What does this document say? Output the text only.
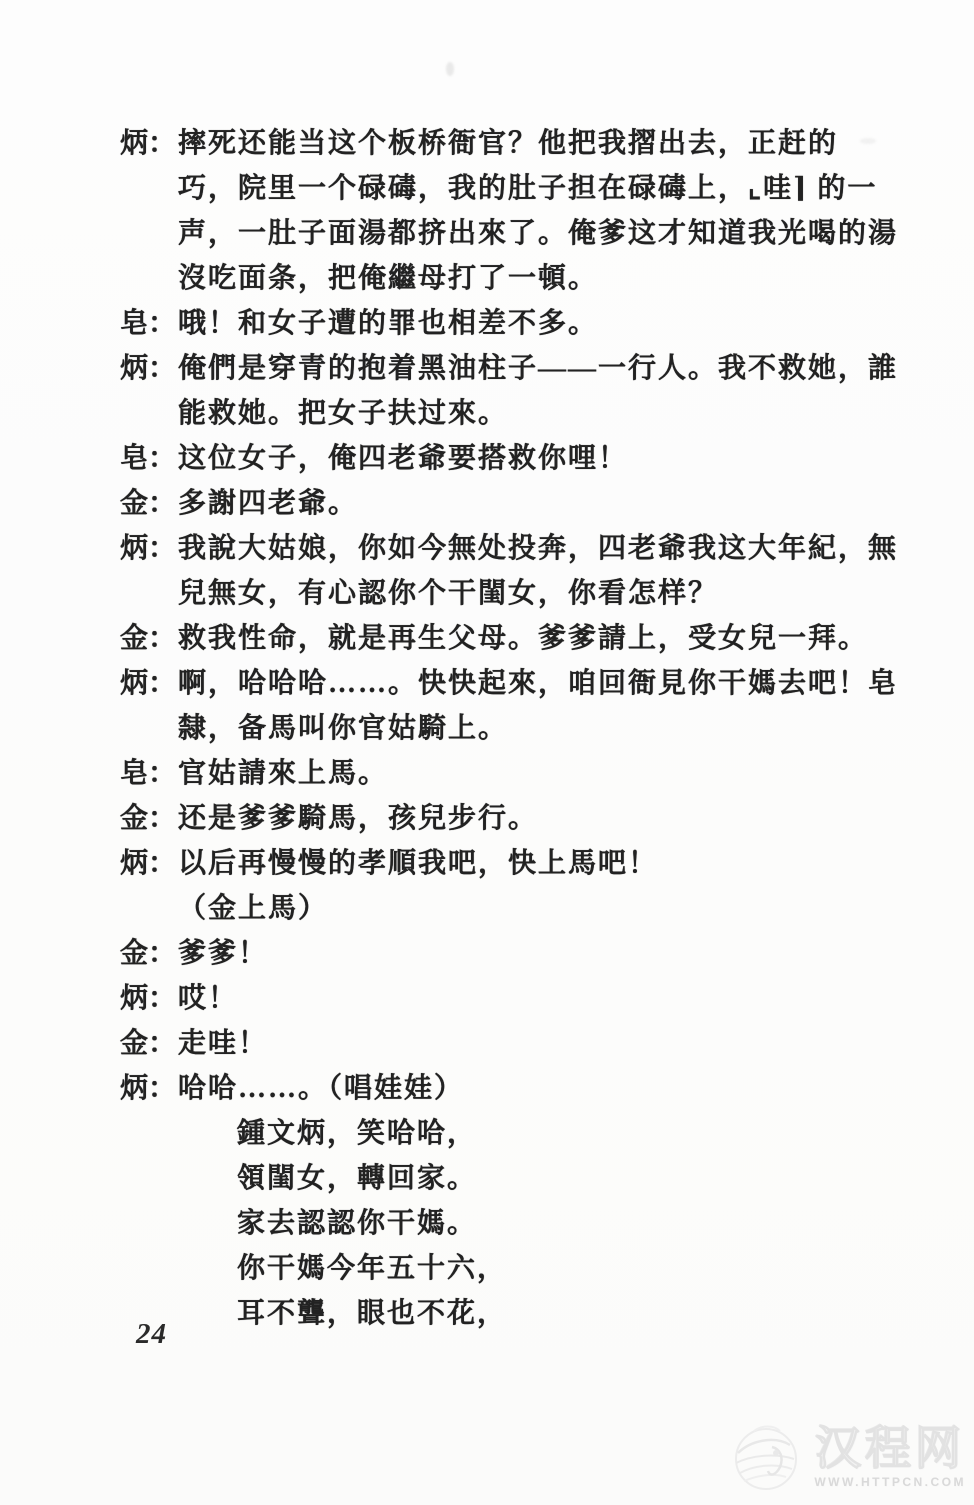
炳：摔死还能当这个板桥衙官？他把我摺出去，正赶的
巧，院里一个碌碡，我的肚子担在碌碡上，⌞哇⌉ 的一
声，一肚子面湯都挤出來了。俺爹这才知道我光喝的湯
沒吃面条，把俺繼母打了一頓。
皂：哦！和女子遭的罪也相差不多。
炳：俺們是穿青的抱着黑油柱子——一行人。我不救她，誰
能救她。把女子扶过來。
皂：这位女子，俺四老爺要搭救你哩！
金：多謝四老爺。
炳：我說大姑娘，你如今無处投奔，四老爺我这大年紀，無
兒無女，有心認你个干閨女，你看怎样？
金：救我性命，就是再生父母。爹爹請上，受女兒一拜。
炳：啊，哈哈哈……。快快起來，咱回衙見你干媽去吧！皂
隸，备馬叫你官姑騎上。
皂：官姑請來上馬。
金：还是爹爹騎馬，孩兒步行。
炳：以后再慢慢的孝順我吧，快上馬吧！
（金上馬）
金：爹爹！
炳：哎！
金：走哇！
炳：哈哈……。（唱娃娃）
鍾文炳，笑哈哈，
領閨女，轉回家。
家去認認你干媽。
你干媽今年五十六，
耳不聾，眼也不花，
24
汉程网
WWW.HTTPCN.COM
